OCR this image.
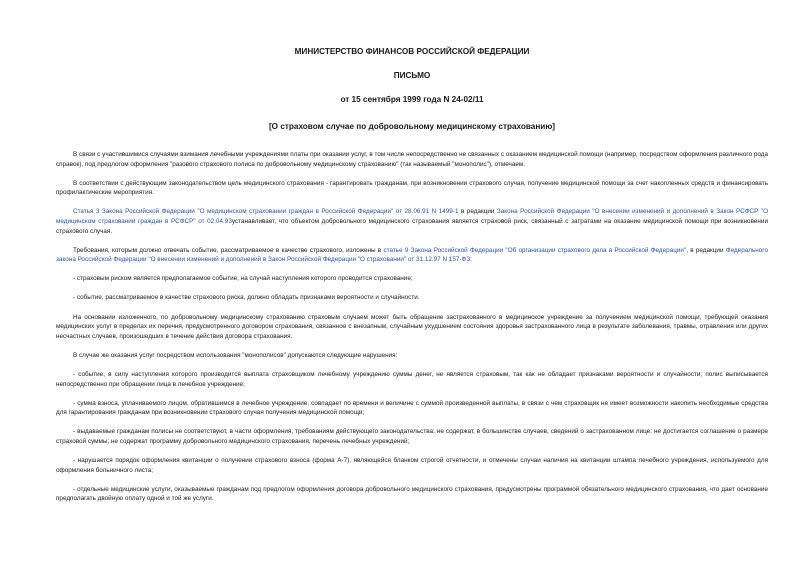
МИНИСТЕРСТВО ФИНАНСОВ РОССИЙСКОЙ ФЕДЕРАЦИИ
ПИСЬМО
от 15 сентября 1999 года N 24-02/11
[О страховом случае по добровольному медицинскому страхованию]

В связи с участившимися случаями взимания лечебными учреждениями платы при оказании услуг, в том числе непосредственно не связанных с оказанием медицинской помощи (например, посредством оформления различного рода справок), под предлогом оформления "разового страхового полиса по добровольному медицинскому страхованию" (так называемый "монополис"), отмечаем.

В соответствии с действующим законодательством цель медицинского страхования - гарантировать гражданам, при возникновении страхового случая, получение медицинской помощи за счет накопленных средств и финансировать профилактические мероприятия.

Статья 3 Закона Российской Федерации "О медицинском страховании граждан в Российской Федерации" от 28.06.91 N 1499-1 в редакции Закона Российской Федерации "О внесении изменений и дополнений в Закон РСФСР "О медицинском страховании граждан в РСФСР" от 02.04.93устанавливает, что объектом добровольного медицинского страхования является страховой риск, связанный с затратами на оказание медицинской помощи при возникновении страхового случая.

Требования, которым должно отвечать событие, рассматриваемое в качестве страхового, изложены в статье 9 Закона Российской Федерации "Об организации страхового дела в Российской Федерации", в редакции Федерального закона Российской Федерации "О внесении изменений и дополнений в Закон Российской Федерации "О страховании" от 31.12.97 N 157-ФЗ:

- страховым риском является предполагаемое событие, на случай наступления которого проводится страхование;

- событие, рассматриваемое в качестве страхового риска, должно обладать признаками вероятности и случайности.

На основании изложенного, по добровольному медицинскому страхованию страховым случаем может быть обращение застрахованного в медицинское учреждение за получением медицинской помощи, требующей оказания медицинских услуг в пределах их перечня, предусмотренного договором страхования, связанное с внезапным, случайным ухудшением состояния здоровья застрахованного лица в результате заболевания, травмы, отравления или других несчастных случаев, произошедших в течение действия договора страхования.

В случае же оказания услуг посредством использования "монополисов" допускаются следующие нарушения:

- событие, в силу наступления которого производится выплата страховщиком лечебному учреждению суммы денег, не является страховым, так как не обладает признаками вероятности и случайности; полис выписывается непосредственно при обращении лица в лечебное учреждение;

- сумма взноса, уплачиваемого лицом, обратившимся в лечебное учреждение, совпадает по времени и величине с суммой произведенной выплаты, в связи с чем страховщик не имеет возможности накопить необходимые средства для гарантирования гражданам при возникновении страхового случая получения медицинской помощи;

- выдаваемые гражданам полисы не соответствуют, в части оформления, требованиям действующего законодательства: не содержат, в большинстве случаев, сведений о застрахованном лице; не достигается соглашение о размере страховой суммы; не содержат программу добровольного медицинского страхования, перечень лечебных учреждений;

- нарушается порядок оформления квитанции о получении страхового взноса (форма А-7), являющейся бланком строгой отчетности, и отмечены случаи наличия на квитанции штампа лечебного учреждения, используемого для оформления больничного листа;

- отдельные медицинские услуги, оказываемые гражданам под предлогом оформления договора добровольного медицинского страхования, предусмотрены программой обязательного медицинского страхования, что дает основание предполагать двойную оплату одной и той же услуги.
